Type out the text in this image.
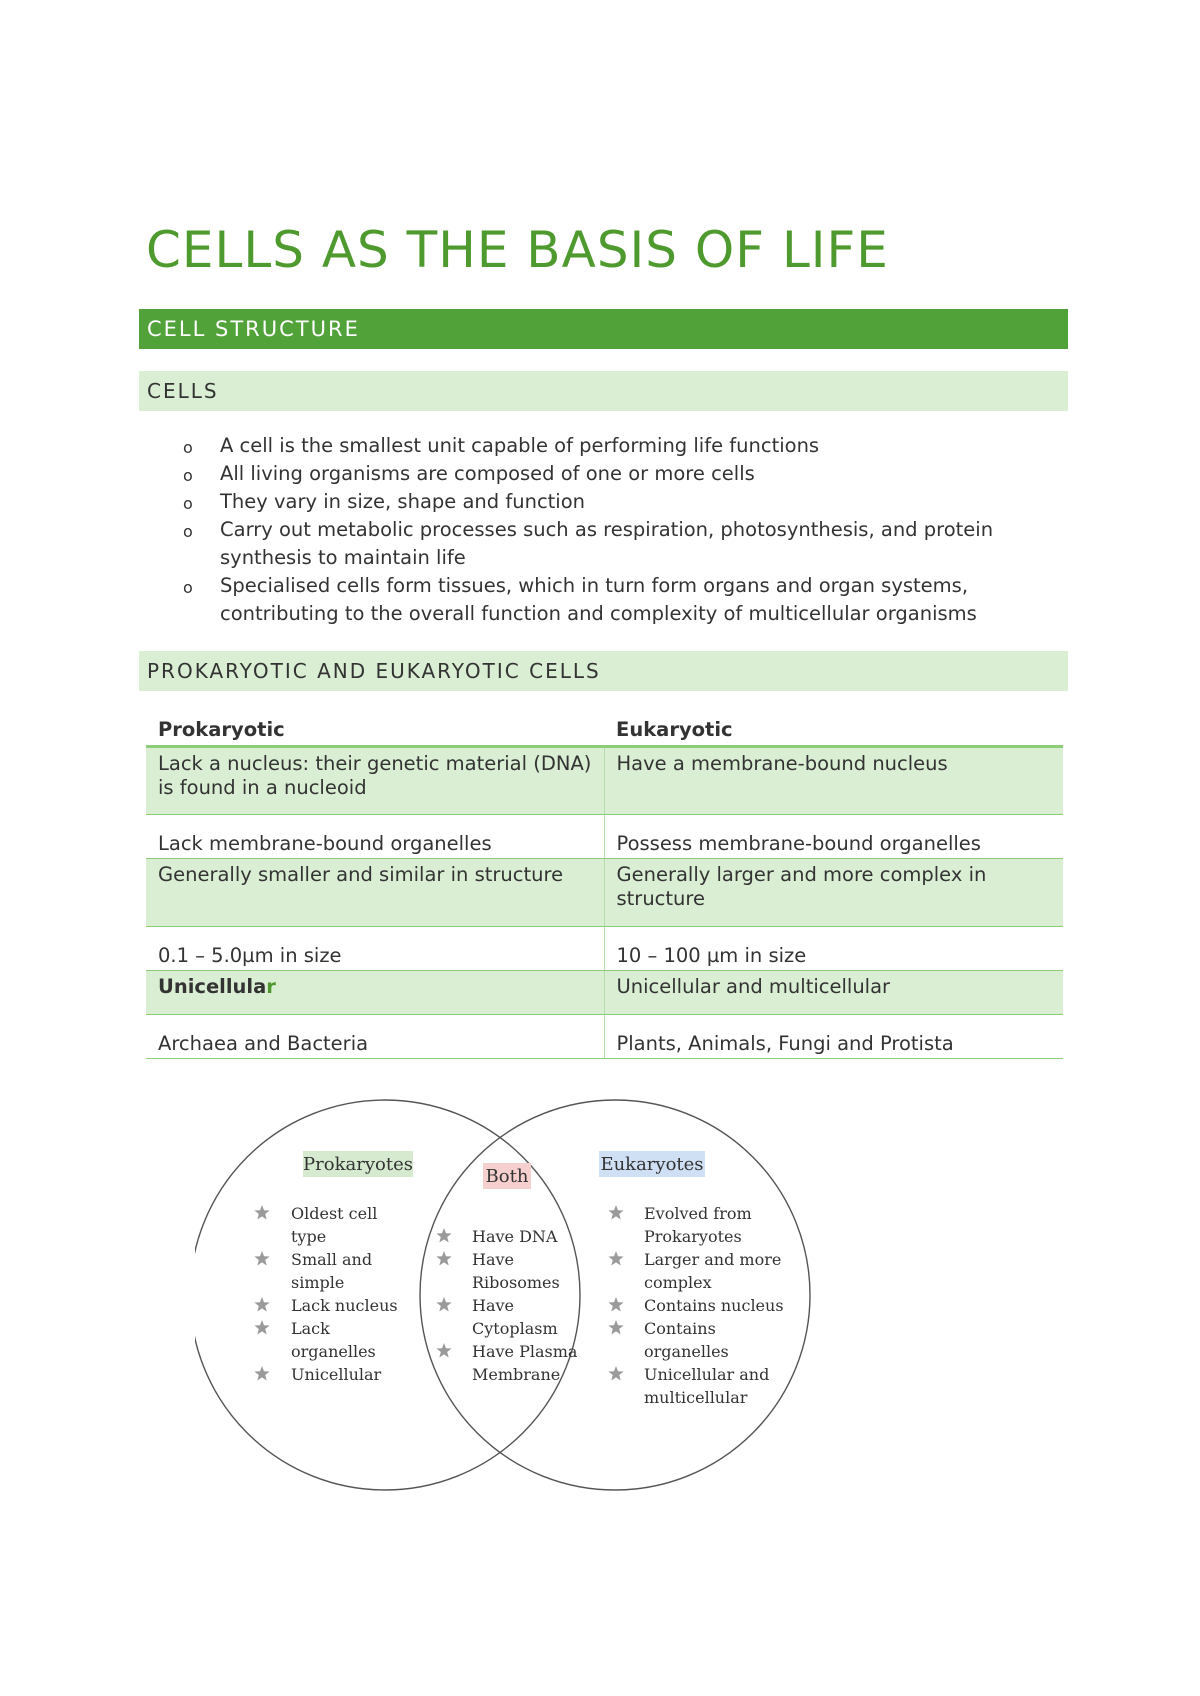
CELLS AS THE BASIS OF LIFE
CELL STRUCTURE
CELLS
o A cell is the smallest unit capable of performing life functions
o All living organisms are composed of one or more cells
o They vary in size, shape and function
o Carry out metabolic processes such as respiration, photosynthesis, and protein synthesis to maintain life
o Specialised cells form tissues, which in turn form organs and organ systems, contributing to the overall function and complexity of multicellular organisms
PROKARYOTIC AND EUKARYOTIC CELLS
Prokaryotic	Eukaryotic
Lack a nucleus: their genetic material (DNA) is found in a nucleoid	Have a membrane-bound nucleus
Lack membrane-bound organelles	Possess membrane-bound organelles
Generally smaller and similar in structure	Generally larger and more complex in structure
0.1 – 5.0µm in size	10 – 100 µm in size
Unicellular	Unicellular and multicellular
Archaea and Bacteria	Plants, Animals, Fungi and Protista
Prokaryotes
Both
Eukaryotes
Oldest cell
type
Small and
simple
Lack nucleus
Lack
organelles
Unicellular
Have DNA
Have
Ribosomes
Have
Cytoplasm
Have Plasma
Membrane
Evolved from
Prokaryotes
Larger and more
complex
Contains nucleus
Contains
organelles
Unicellular and
multicellular
